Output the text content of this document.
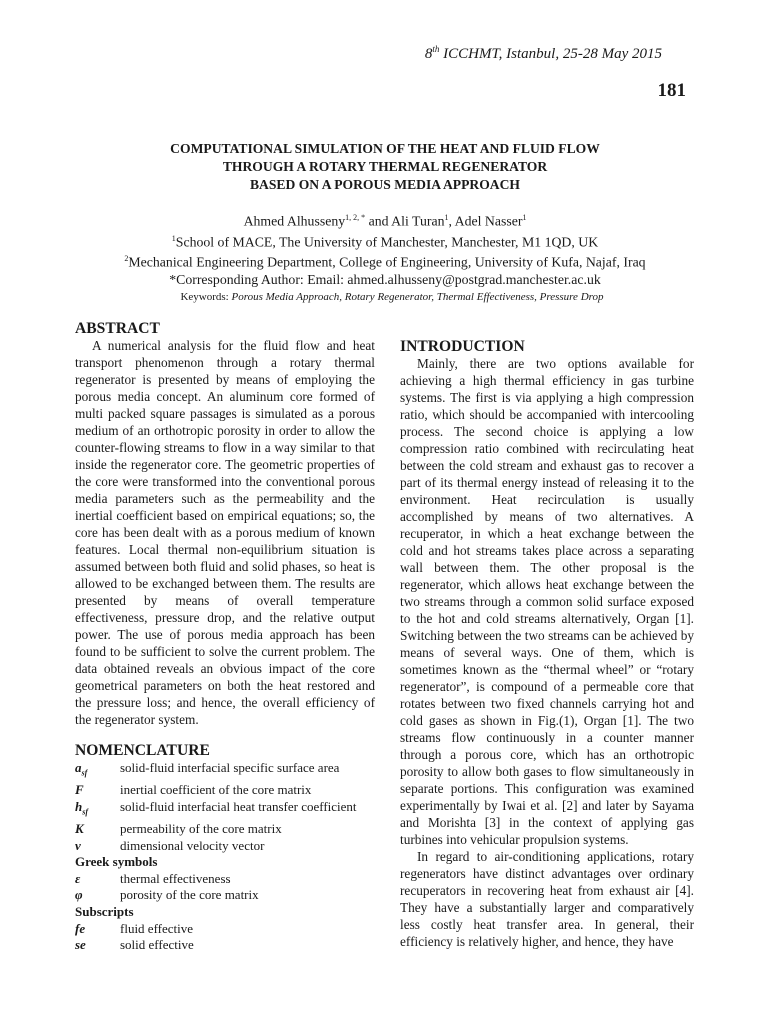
8th ICCHMT, Istanbul, 25-28 May 2015
181
COMPUTATIONAL SIMULATION OF THE HEAT AND FLUID FLOW
THROUGH A ROTARY THERMAL REGENERATOR
BASED ON A POROUS MEDIA APPROACH
Ahmed Alhusseny$^{1, 2, *}$ and Ali Turan$^1$, Adel Nasser$^1$
$^1$School of MACE, The University of Manchester, Manchester, M1 1QD, UK
$^2$Mechanical Engineering Department, College of Engineering, University of Kufa, Najaf, Iraq
*Corresponding Author: Email: ahmed.alhusseny@postgrad.manchester.ac.uk
Keywords: Porous Media Approach, Rotary Regenerator, Thermal Effectiveness, Pressure Drop
ABSTRACT

A numerical analysis for the fluid flow and heat transport phenomenon through a rotary thermal regenerator is presented by means of employing the porous media concept. An aluminum core formed of multi packed square passages is simulated as a porous medium of an orthotropic porosity in order to allow the counter-flowing streams to flow in a way similar to that inside the regenerator core. The geometric properties of the core were transformed into the conventional porous media parameters such as the permeability and the inertial coefficient based on empirical equations; so, the core has been dealt with as a porous medium of known features. Local thermal non-equilibrium situation is assumed between both fluid and solid phases, so heat is allowed to be exchanged between them. The results are presented by means of overall temperature effectiveness, pressure drop, and the relative output power. The use of porous media approach has been found to be sufficient to solve the current problem. The data obtained reveals an obvious impact of the core geometrical parameters on both the heat restored and the pressure loss; and hence, the overall efficiency of the regenerator system.

NOMENCLATURE
$a_{sf}$	solid-fluid interfacial specific surface area
F	inertial coefficient of the core matrix
$h_{sf}$	solid-fluid interfacial heat transfer coefficient
K	permeability of the core matrix
v	dimensional velocity vector
Greek symbols
ε	thermal effectiveness
φ	porosity of the core matrix
Subscripts
fe	fluid effective
se	solid effective
INTRODUCTION

Mainly, there are two options available for achieving a high thermal efficiency in gas turbine systems. The first is via applying a high compression ratio, which should be accompanied with intercooling process. The second choice is applying a low compression ratio combined with recirculating heat between the cold stream and exhaust gas to recover a part of its thermal energy instead of releasing it to the environment. Heat recirculation is usually accomplished by means of two alternatives. A recuperator, in which a heat exchange between the cold and hot streams takes place across a separating wall between them. The other proposal is the regenerator, which allows heat exchange between the two streams through a common solid surface exposed to the hot and cold streams alternatively, Organ [1]. Switching between the two streams can be achieved by means of several ways. One of them, which is sometimes known as the “thermal wheel” or “rotary regenerator”, is compound of a permeable core that rotates between two fixed channels carrying hot and cold gases as shown in Fig.(1), Organ [1]. The two streams flow continuously in a counter manner through a porous core, which has an orthotropic porosity to allow both gases to flow simultaneously in separate portions. This configuration was examined experimentally by Iwai et al. [2] and later by Sayama and Morishta [3] in the context of applying gas turbines into vehicular propulsion systems.

In regard to air-conditioning applications, rotary regenerators have distinct advantages over ordinary recuperators in recovering heat from exhaust air [4]. They have a substantially larger and comparatively less costly heat transfer area. In general, their efficiency is relatively higher, and hence, they have
